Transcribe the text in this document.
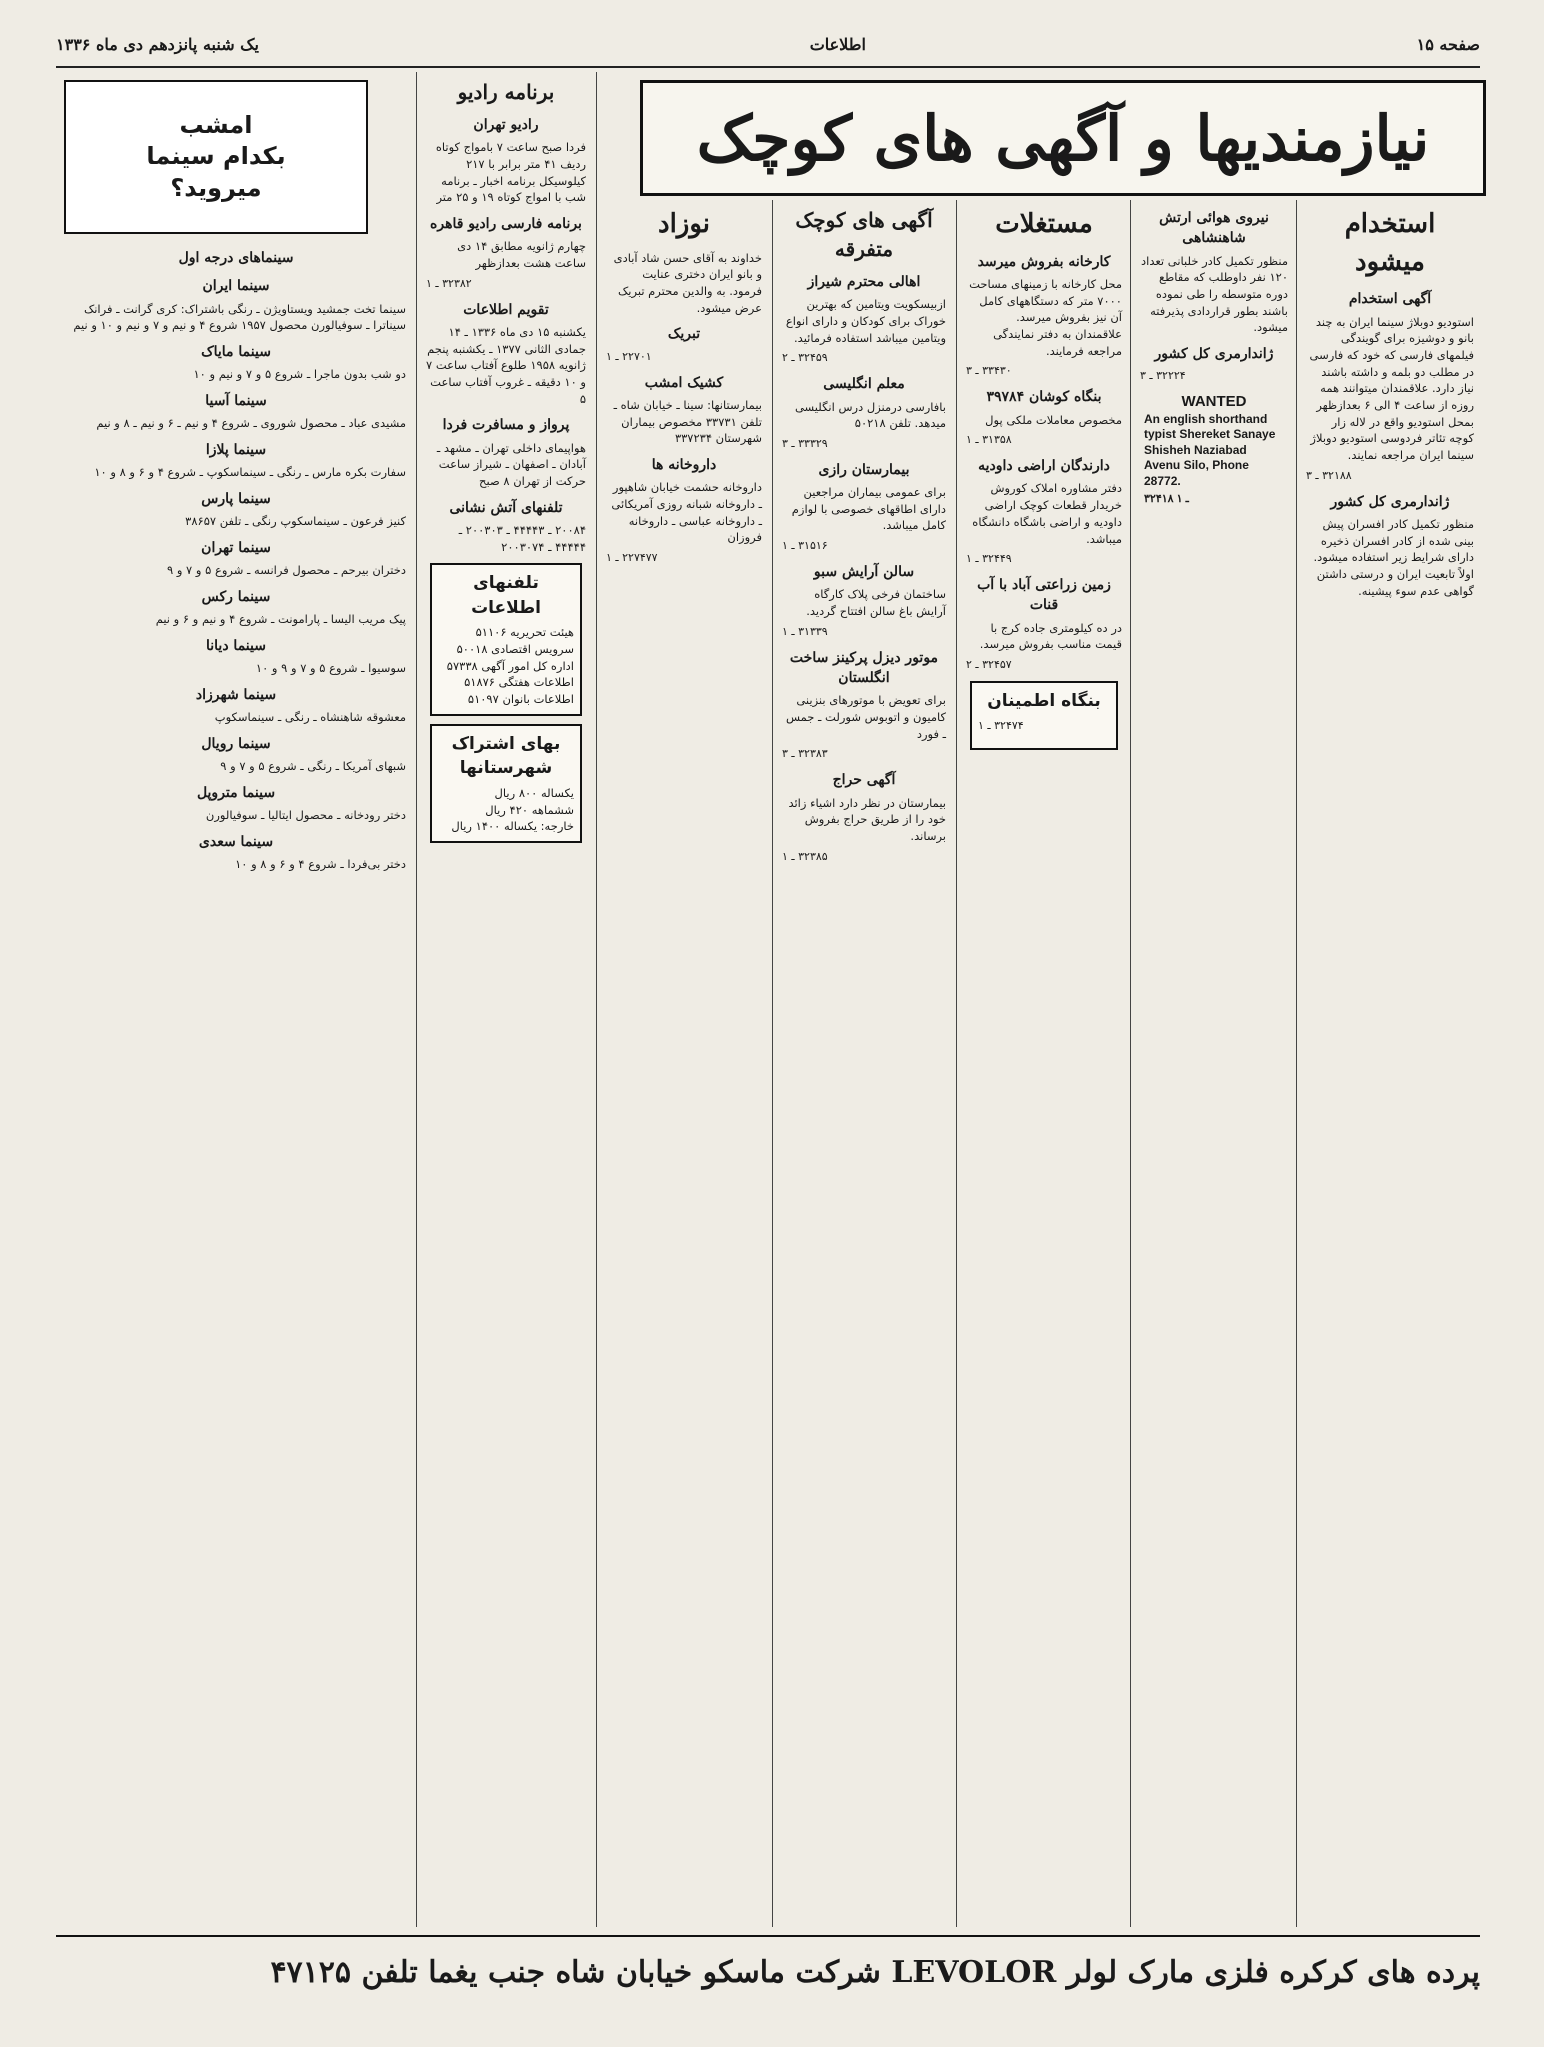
صفحه ۱۵
اطلاعات
یک شنبه پانزدهم دی ماه ۱۳۳۶
نیازمندیها و آگهی های کوچک
امشب
بکدام سینما
میروید؟
استخدام میشود
آگهی استخدام

استودیو دوبلاژ سینما ایران به چند بانو و دوشیزه برای گویندگی فیلمهای فارسی که خود که فارسی در مطلب دو بلمه و داشته باشند نیاز دارد. علاقمندان میتوانند همه روزه از ساعت ۴ الی ۶ بعدازظهر بمحل استودیو واقع در لاله زار کوچه تئاتر فردوسی استودیو دوبلاژ سینما ایران مراجعه نمایند.

۳۲۱۸۸ ـ ۳
ژاندارمری کل کشور

منظور تکمیل کادر افسران پیش بینی شده از کادر افسران ذخیره دارای شرایط زیر استفاده میشود. اولاً تابعیت ایران و درستی داشتن گواهی عدم سوء پیشینه.

نیروی هوائی ارتش شاهنشاهی

منظور تکمیل کادر خلبانی تعداد ۱۲۰ نفر داوطلب که مقاطع دوره متوسطه را طی نموده باشند بطور قراردادی پذیرفته میشود.

ژاندارمری کل کشور
۳۲۲۲۴ ـ ۳
WANTED
An english shorthand typist Shereket Sanaye Shisheh Naziabad Avenu Silo, Phone 28772.
۳۲۴۱۸ ـ ۱
مستغلات
کارخانه بفروش میرسد

محل کارخانه با زمینهای مساحت ۷۰۰۰ متر که دستگاههای کامل آن نیز بفروش میرسد. علاقمندان به دفتر نمایندگی مراجعه فرمایند.

۳۳۴۳۰ ـ ۳
بنگاه کوشان ۳۹۷۸۴

مخصوص معاملات ملکی پول

۳۱۳۵۸ ـ ۱
دارندگان اراضی داودیه

دفتر مشاوره املاک کوروش خریدار قطعات کوچک اراضی داودیه و اراضی باشگاه دانشگاه میباشد.

۳۲۴۴۹ ـ ۱
زمین زراعتی آباد با آب قنات

در ده کیلومتری جاده کرج با قیمت مناسب بفروش میرسد.

۳۲۴۵۷ ـ ۲
بنگاه اطمینان
۳۲۴۷۴ ـ ۱
آگهی های کوچک متفرقه
اهالی محترم شیراز

ازبیسکویت ویتامین که بهترین خوراک برای کودکان و دارای انواع ویتامین میباشد استفاده فرمائید.

۳۲۴۵۹ ـ ۲
معلم انگلیسی

بافارسی درمنزل درس انگلیسی میدهد. تلفن ۵۰۲۱۸

۳۳۳۲۹ ـ ۳
بیمارستان رازی

برای عمومی بیماران مراجعین دارای اطاقهای خصوصی با لوازم کامل میباشد.

۳۱۵۱۶ ـ ۱
سالن آرایش سبو

ساختمان فرخی پلاک کارگاه آرایش باغ سالن افتتاح گردید.

۳۱۳۳۹ ـ ۱
موتور دیزل پرکینز ساخت انگلستان

برای تعویض با موتورهای بنزینی کامیون و اتوبوس شورلت ـ جمس ـ فورد

۳۲۳۸۳ ـ ۳
آگهی حراج

بیمارستان در نظر دارد اشیاء زائد خود را از طریق حراج بفروش برساند.

۳۲۳۸۵ ـ ۱
نوزاد

خداوند به آقای حسن شاد آبادی و بانو ایران دختری عنایت فرمود. به والدین محترم تبریک عرض میشود.

تبریک
۲۲۷۰۱ ـ ۱
کشیک امشب

بیمارستانها: سینا ـ خیابان شاه ـ تلفن ۳۳۷۳۱ مخصوص بیماران شهرستان ۳۳۷۲۳۴

داروخانه ها

داروخانه حشمت خیابان شاهپور ـ داروخانه شبانه روزی آمریکائی ـ داروخانه عباسی ـ داروخانه فروزان

۲۲۷۴۷۷ ـ ۱
برنامه رادیو
رادیو تهران

فردا صبح ساعت ۷ بامواج کوتاه ردیف ۴۱ متر برابر با ۲۱۷ کیلوسیکل برنامه اخبار ـ برنامه شب با امواج کوتاه ۱۹ و ۲۵ متر

برنامه فارسی رادیو قاهره

چهارم ژانویه مطابق ۱۴ دی ساعت هشت بعدازظهر

۳۲۳۸۲ ـ ۱
تقویم اطلاعات

یکشنبه ۱۵ دی ماه ۱۳۳۶ ـ ۱۴ جمادی الثانی ۱۳۷۷ ـ یکشنبه پنجم ژانویه ۱۹۵۸ طلوع آفتاب ساعت ۷ و ۱۰ دقیقه ـ غروب آفتاب ساعت ۵

پرواز و مسافرت فردا

هواپیمای داخلی تهران ـ مشهد ـ آبادان ـ اصفهان ـ شیراز ساعت حرکت از تهران ۸ صبح

تلفنهای آتش نشانی

۲۰۰۸۴ ـ ۴۴۴۴۳ ـ ۲۰۰۳۰۳ ـ ۴۴۴۴۴ ـ ۲۰۰۳۰۷۴

تلفنهای اطلاعات
هیئت تحریریه ۵۱۱۰۶
سرویس اقتصادی ۵۰۰۱۸
اداره کل امور آگهی ۵۷۳۳۸
اطلاعات هفتگی ۵۱۸۷۶
اطلاعات بانوان ۵۱۰۹۷
بهای اشتراک شهرستانها
یکساله ۸۰۰ ریال
ششماهه ۴۲۰ ریال
خارجه: یکساله ۱۴۰۰ ریال
سینماهای درجه اول
سینما ایران

سینما تخت جمشید ویستاویژن ـ رنگی باشتراک: کری گرانت ـ فرانک سیناترا ـ سوفیالورن محصول ۱۹۵۷ شروع ۴ و نیم و ۷ و نیم و ۱۰ و نیم

سینما مایاک

دو شب بدون ماجرا ـ شروع ۵ و ۷ و نیم و ۱۰

سینما آسیا

مشیدی عباد ـ محصول شوروی ـ شروع ۴ و نیم ـ ۶ و نیم ـ ۸ و نیم

سینما پلازا

سفارت بکره مارس ـ رنگی ـ سینماسکوپ ـ شروع ۴ و ۶ و ۸ و ۱۰

سینما پارس

کنیز فرعون ـ سینماسکوپ رنگی ـ تلفن ۳۸۶۵۷

سینما تهران

دختران بیرحم ـ محصول فرانسه ـ شروع ۵ و ۷ و ۹

سینما رکس

پیک مریب الیسا ـ پارامونت ـ شروع ۴ و نیم و ۶ و نیم

سینما دیانا

سوسیوا ـ شروع ۵ و ۷ و ۹ و ۱۰

سینما شهرزاد

معشوقه شاهنشاه ـ رنگی ـ سینماسکوپ

سینما رویال

شبهای آمریکا ـ رنگی ـ شروع ۵ و ۷ و ۹

سینما متروپل

دختر رودخانه ـ محصول ایتالیا ـ سوفیالورن

سینما سعدی

دختر بی‌فردا ـ شروع ۴ و ۶ و ۸ و ۱۰

پرده های کرکره فلزی مارک لولر LEVOLOR شرکت ماسکو خیابان شاه جنب یغما تلفن ۴۷۱۲۵
